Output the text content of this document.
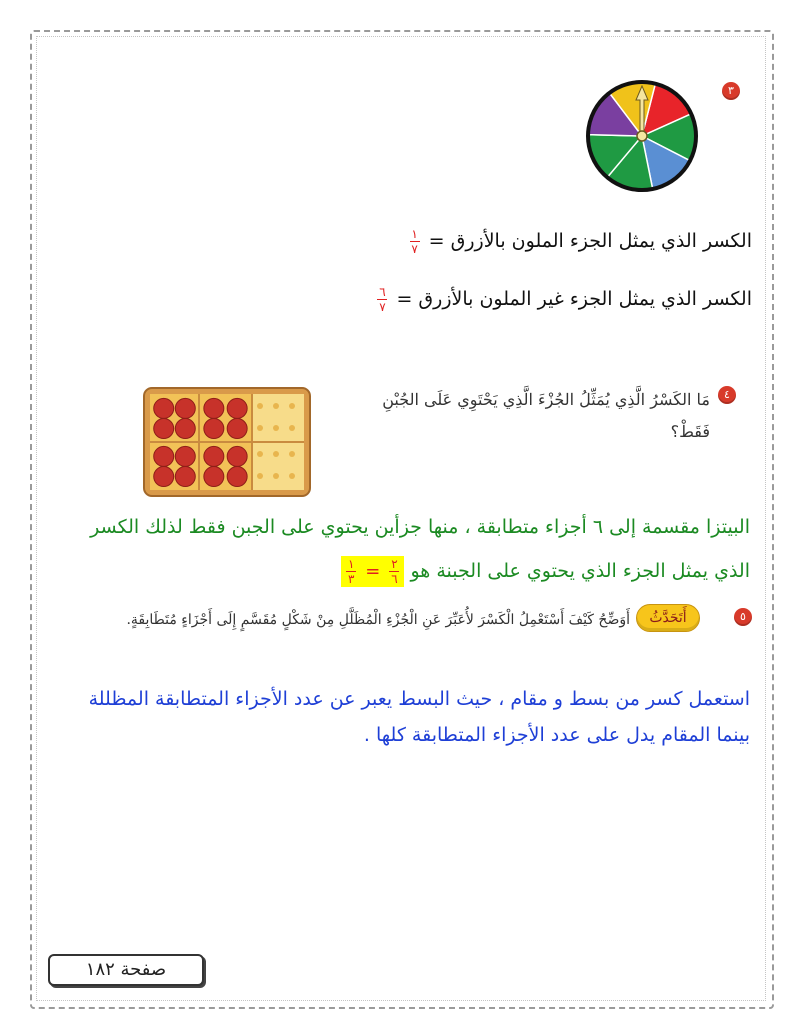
٣
الكسر الذي يمثل الجزء الملون بالأزرق =
$\frac{١}{٧}$
الكسر الذي يمثل الجزء غير الملون بالأزرق =
$\frac{٦}{٧}$
٤
مَا الكَسْرُ الَّذِي يُمَثِّلُ الجُزْءَ الَّذِي يَحْتَوِي عَلَى الجُبْنِ فَقَطْ؟
البيتزا مقسمة إلى ٦ أجزاء متطابقة ، منها جزأين يحتوي على الجبن فقط لذلك الكسر
الذي يمثل الجزء الذي يحتوي على الجبنة هو
$\frac{٢}{٦}$
=
$\frac{١}{٣}$
٥
أَتَحَدَّثُ
أَوَضِّحُ كَيْفَ أَسْتَعْمِلُ الْكَسْرَ لأُعَبِّرَ عَنِ الْجُزْءِ الْمُظَلَّلِ مِنْ شَكْلٍ مُقَسَّمٍ إِلَى أَجْزَاءٍ مُتَطَابِقَةٍ.
استعمل كسر من بسط و مقام ، حيث البسط يعبر عن عدد الأجزاء المتطابقة المظللة
بينما المقام يدل على عدد الأجزاء المتطابقة كلها .
صفحة ١٨٢
